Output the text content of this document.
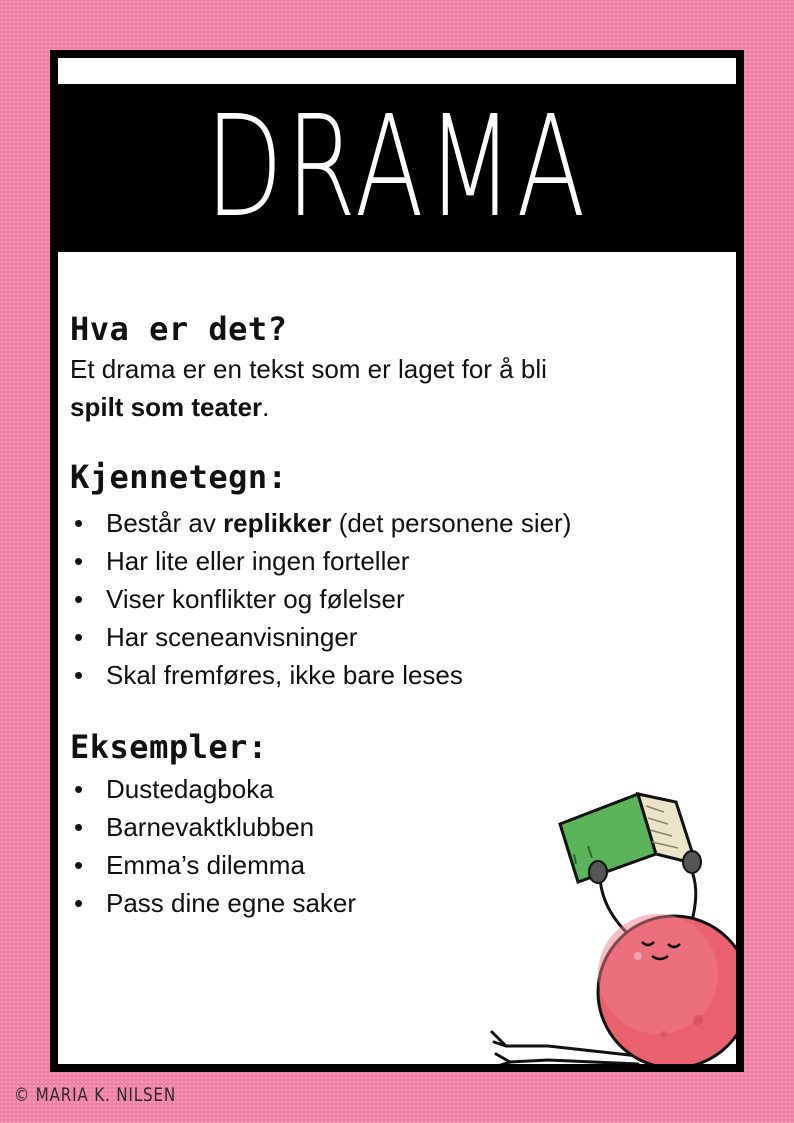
DRAMA
Hva er det?

Et drama er en tekst som er laget for å bli
spilt som teater.

Kjennetegn:
• Består av replikker (det personene sier)
• Har lite eller ingen forteller
• Viser konflikter og følelser
• Har sceneanvisninger
• Skal fremføres, ikke bare leses
Eksempler:
• Dustedagboka
• Barnevaktklubben
• Emma’s dilemma
• Pass dine egne saker
© MARIA K. NILSEN
